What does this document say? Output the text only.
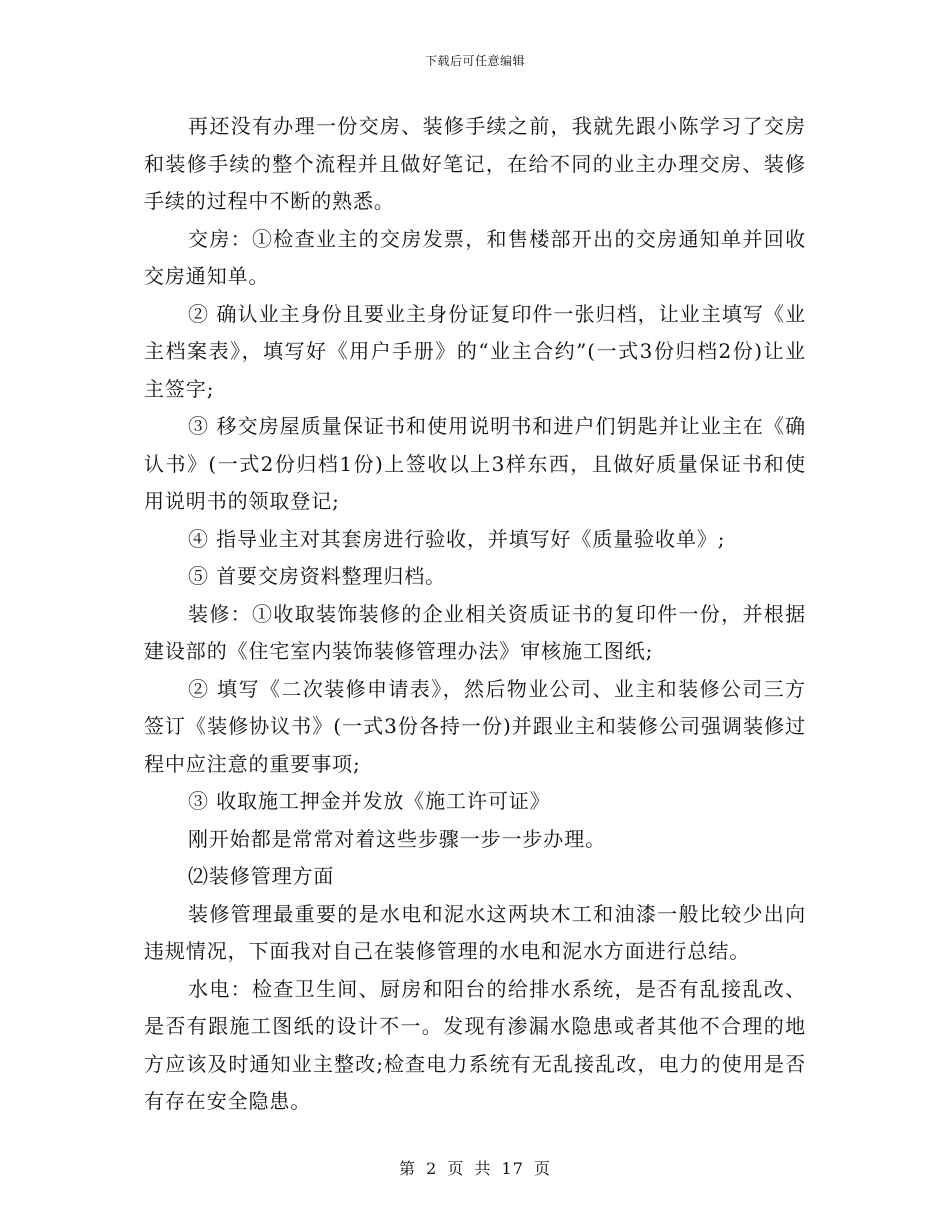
下载后可任意编辑

再还没有办理一份交房、装修手续之前，我就先跟小陈学习了交房和装修手续的整个流程并且做好笔记，在给不同的业主办理交房、装修手续的过程中不断的熟悉。

交房：①检查业主的交房发票，和售楼部开出的交房通知单并回收交房通知单。

② 确认业主身份且要业主身份证复印件一张归档，让业主填写《业主档案表》，填写好《用户手册》的“业主合约”(一式3份归档2份)让业主签字;

③ 移交房屋质量保证书和使用说明书和进户们钥匙并让业主在《确认书》(一式2份归档1份)上签收以上3样东西，且做好质量保证书和使用说明书的领取登记;

④ 指导业主对其套房进行验收，并填写好《质量验收单》;

⑤ 首要交房资料整理归档。

装修：①收取装饰装修的企业相关资质证书的复印件一份，并根据建设部的《住宅室内装饰装修管理办法》审核施工图纸;

② 填写《二次装修申请表》，然后物业公司、业主和装修公司三方签订《装修协议书》(一式3份各持一份)并跟业主和装修公司强调装修过程中应注意的重要事项;

③ 收取施工押金并发放《施工许可证》

刚开始都是常常对着这些步骤一步一步办理。

⑵装修管理方面

装修管理最重要的是水电和泥水这两块木工和油漆一般比较少出向违规情况，下面我对自己在装修管理的水电和泥水方面进行总结。

水电：检查卫生间、厨房和阳台的给排水系统，是否有乱接乱改、是否有跟施工图纸的设计不一。发现有渗漏水隐患或者其他不合理的地方应该及时通知业主整改;检查电力系统有无乱接乱改，电力的使用是否有存在安全隐患。

第 2 页 共 17 页
